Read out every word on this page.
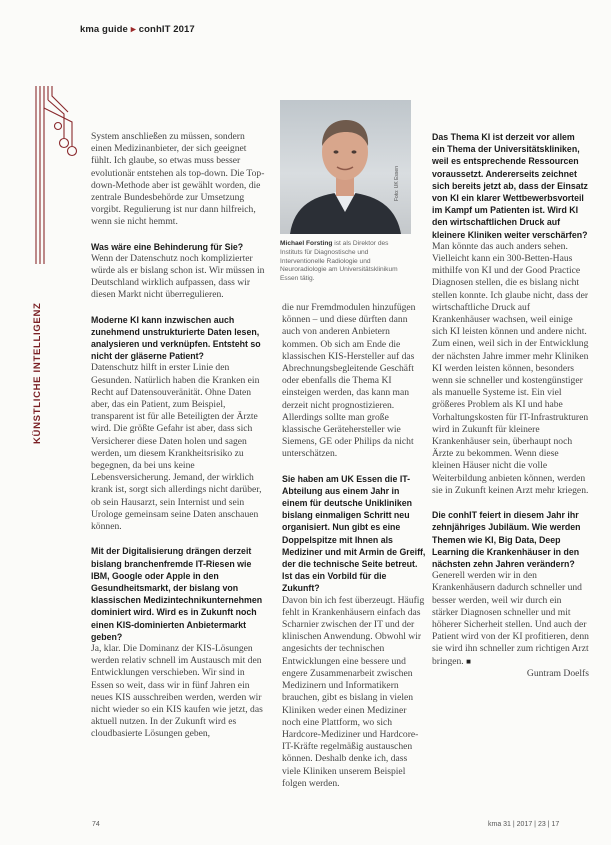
kma guide ▸ conhIT 2017
KÜNSTLICHE INTELLIGENZ

System anschließen zu müssen, sondern einen Medizinanbieter, der sich geeignet fühlt. Ich glaube, so etwas muss besser evolutionär entstehen als top-down. Die Top-down-Methode aber ist gewählt worden, die zentrale Bundesbehörde zur Umsetzung vorgibt. Regulierung ist nur dann hilfreich, wenn sie nicht hemmt.

Was wäre eine Behinderung für Sie?

Wenn der Datenschutz noch komplizierter würde als er bislang schon ist. Wir müssen in Deutschland wirklich aufpassen, dass wir diesen Markt nicht überregulieren.

Moderne KI kann inzwischen auch zunehmend unstrukturierte Daten lesen, analysieren und verknüpfen. Entsteht so nicht der gläserne Patient?

Datenschutz hilft in erster Linie den Gesunden. Natürlich haben die Kranken ein Recht auf Datensouveränität. Ohne Daten aber, das ein Patient, zum Beispiel, transparent ist für alle Beteiligten der Ärzte wird. Die größte Gefahr ist aber, dass sich Versicherer diese Daten holen und sagen werden, um diesem Krankheitsrisiko zu begegnen, da bei uns keine Lebensversicherung. Jemand, der wirklich krank ist, sorgt sich allerdings nicht darüber, ob sein Hausarzt, sein Internist und sein Urologe gemeinsam seine Daten anschauen können.

Mit der Digitalisierung drängen derzeit bislang branchenfremde IT-Riesen wie IBM, Google oder Apple in den Gesundheitsmarkt, der bislang von klassischen Medizintechnikunternehmen dominiert wird. Wird es in Zukunft noch einen KIS-dominierten Anbietermarkt geben?

Ja, klar. Die Dominanz der KIS-Lösungen werden relativ schnell im Austausch mit den Entwicklungen verschieben. Wir sind in Essen so weit, dass wir in fünf Jahren ein neues KIS ausschreiben werden, werden wir nicht wieder so ein KIS kaufen wie jetzt, das aktuell nutzen. In der Zukunft wird es cloudbasierte Lösungen geben,

Foto: UK Essen
Michael Forsting ist als Direktor des Instituts für Diagnostische und Interventionelle Radiologie und Neuroradiologie am Universitätsklinikum Essen tätig.

die nur Fremdmodulen hinzufügen können – und diese dürften dann auch von anderen Anbietern kommen. Ob sich am Ende die klassischen KIS-Hersteller auf das Abrechnungsbegleitende Geschäft oder ebenfalls die Thema KI einsteigen werden, das kann man derzeit nicht prognostizieren. Allerdings sollte man große klassische Gerätehersteller wie Siemens, GE oder Philips da nicht unterschätzen.

Sie haben am UK Essen die IT-Abteilung aus einem Jahr in einem für deutsche Unikliniken bislang einmaligen Schritt neu organisiert. Nun gibt es eine Doppelspitze mit Ihnen als Mediziner und mit Armin de Greiff, der die technische Seite betreut. Ist das ein Vorbild für die Zukunft?

Davon bin ich fest überzeugt. Häufig fehlt in Krankenhäusern einfach das Scharnier zwischen der IT und der klinischen Anwendung. Obwohl wir angesichts der technischen Entwicklungen eine bessere und engere Zusammenarbeit zwischen Medizinern und Informatikern brauchen, gibt es bislang in vielen Kliniken weder einen Mediziner noch eine Plattform, wo sich Hardcore-Mediziner und Hardcore-IT-Kräfte regelmäßig austauschen können. Deshalb denke ich, dass viele Kliniken unserem Beispiel folgen werden.

Das Thema KI ist derzeit vor allem ein Thema der Universitätskliniken, weil es entsprechende Ressourcen voraussetzt. Andererseits zeichnet sich bereits jetzt ab, dass der Einsatz von KI ein klarer Wettbewerbsvorteil im Kampf um Patienten ist. Wird KI den wirtschaftlichen Druck auf kleinere Kliniken weiter verschärfen?

Man könnte das auch anders sehen. Vielleicht kann ein 300-Betten-Haus mithilfe von KI und der Good Practice Diagnosen stellen, die es bislang nicht stellen konnte. Ich glaube nicht, dass der wirtschaftliche Druck auf Krankenhäuser wachsen, weil einige sich KI leisten können und andere nicht. Zum einen, weil sich in der Entwicklung der nächsten Jahre immer mehr Kliniken KI werden leisten können, besonders wenn sie schneller und kostengünstiger als manuelle Systeme ist. Ein viel größeres Problem als KI und habe Vorhaltungskosten für IT-Infrastrukturen wird in Zukunft für kleinere Krankenhäuser sein, überhaupt noch Ärzte zu bekommen. Wenn diese kleinen Häuser nicht die volle Weiterbildung anbieten können, werden sie in Zukunft keinen Arzt mehr kriegen.

Die conhIT feiert in diesem Jahr ihr zehnjähriges Jubiläum. Wie werden Themen wie KI, Big Data, Deep Learning die Krankenhäuser in den nächsten zehn Jahren verändern?

Generell werden wir in den Krankenhäusern dadurch schneller und besser werden, weil wir durch ein stärker Diagnosen schneller und mit höherer Sicherheit stellen. Und auch der Patient wird von der KI profitieren, denn sie wird ihn schneller zum richtigen Arzt bringen. ■

Guntram Doelfs

74	kma 31 | 2017 | 23 | 17
